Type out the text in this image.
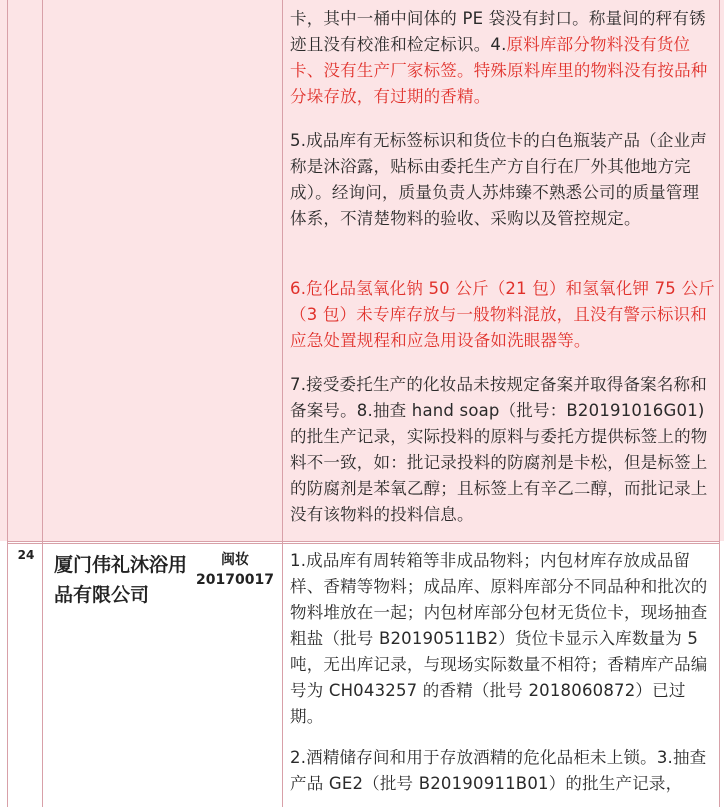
卡，其中一桶中间体的 PE 袋没有封口。称量间的秤有锈迹且没有校准和检定标识。4.原料库部分物料没有货位卡、没有生产厂家标签。特殊原料库里的物料没有按品种分垛存放，有过期的香精。

5.成品库有无标签标识和货位卡的白色瓶装产品（企业声称是沐浴露，贴标由委托生产方自行在厂外其他地方完成）。经询问，质量负责人苏炜臻不熟悉公司的质量管理体系，不清楚物料的验收、采购以及管控规定。

6.危化品氢氧化钠 50 公斤（21 包）和氢氧化钾 75 公斤（3 包）未专库存放与一般物料混放，且没有警示标识和应急处置规程和应急用设备如洗眼器等。

7.接受委托生产的化妆品未按规定备案并取得备案名称和备案号。8.抽查 hand soap（批号：B20191016G01)的批生产记录，实际投料的原料与委托方提供标签上的物料不一致，如：批记录投料的防腐剂是卡松，但是标签上的防腐剂是苯氧乙醇；且标签上有辛乙二醇，而批记录上没有该物料的投料信息。

24 厦门伟礼沐浴用品有限公司
闽妆 20170017

1.成品库有周转箱等非成品物料；内包材库存放成品留样、香精等物料；成品库、原料库部分不同品种和批次的物料堆放在一起；内包材库部分包材无货位卡，现场抽查粗盐（批号 B20190511B2）货位卡显示入库数量为 5 吨，无出库记录，与现场实际数量不相符；香精库产品编号为 CH043257 的香精（批号 2018060872）已过期。

2.酒精储存间和用于存放酒精的危化品柜未上锁。3.抽查产品 GE2（批号 B20190911B01）的批生产记录，
